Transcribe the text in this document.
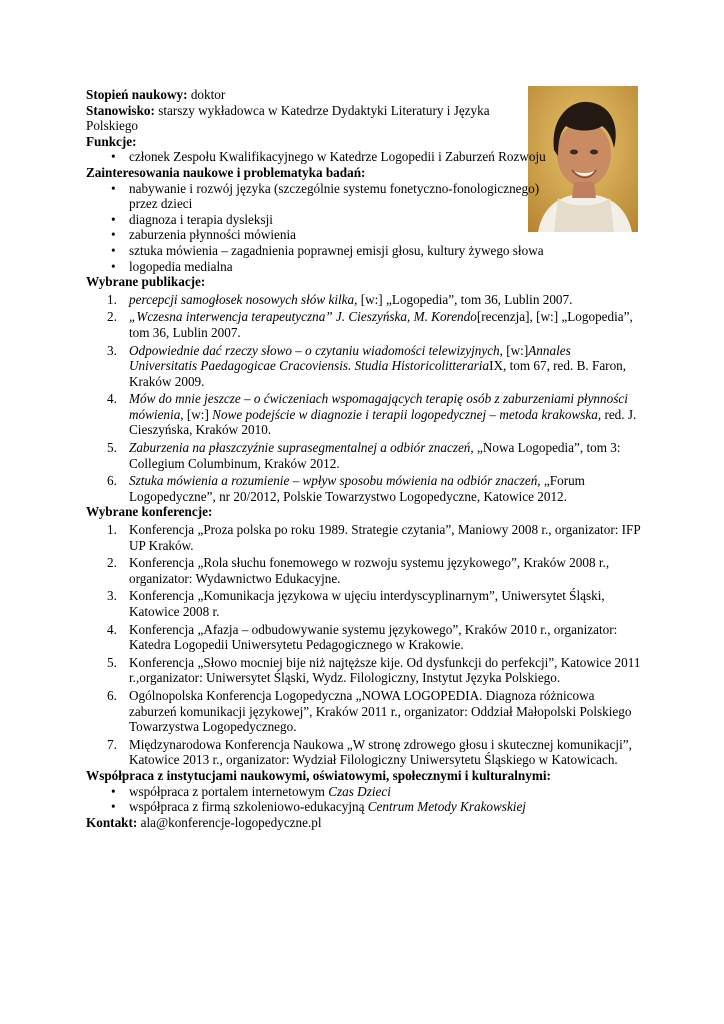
Stopień naukowy: doktor

Stanowisko: starszy wykładowca w Katedrze Dydaktyki Literatury i Języka Polskiego

Funkcje:

• członek Zespołu Kwalifikacyjnego w Katedrze Logopedii i Zaburzeń Rozwoju

Zainteresowania naukowe i problematyka badań:

• nabywanie i rozwój języka (szczególnie systemu fonetyczno-fonologicznego) przez dzieci
• diagnoza i terapia dysleksji
• zaburzenia płynności mówienia
• sztuka mówienia – zagadnienia poprawnej emisji głosu, kultury żywego słowa
• logopedia medialna

Wybrane publikacje:

1. percepcji samogłosek nosowych słów kilka, [w:] „Logopedia”, tom 36, Lublin 2007.
2. „Wczesna interwencja terapeutyczna” J. Cieszyńska, M. Korendo[recenzja], [w:] „Logopedia”, tom 36, Lublin 2007.
3. Odpowiednie dać rzeczy słowo – o czytaniu wiadomości telewizyjnych, [w:]Annales Universitatis Paedagogicae Cracoviensis. Studia HistoricolitterariaIX, tom 67, red. B. Faron, Kraków 2009.
4. Mów do mnie jeszcze – o ćwiczeniach wspomagających terapię osób z zaburzeniami płynności mówienia, [w:] Nowe podejście w diagnozie i terapii logopedycznej – metoda krakowska, red. J. Cieszyńska, Kraków 2010.
5. Zaburzenia na płaszczyźnie suprasegmentalnej a odbiór znaczeń, „Nowa Logopedia”, tom 3: Collegium Columbinum, Kraków 2012.
6. Sztuka mówienia a rozumienie – wpływ sposobu mówienia na odbiór znaczeń, „Forum Logopedyczne”, nr 20/2012, Polskie Towarzystwo Logopedyczne, Katowice 2012.

Wybrane konferencje:

1. Konferencja „Proza polska po roku 1989. Strategie czytania”, Maniowy 2008 r., organizator: IFP UP Kraków.
2. Konferencja „Rola słuchu fonemowego w rozwoju systemu językowego”, Kraków 2008 r., organizator: Wydawnictwo Edukacyjne.
3. Konferencja „Komunikacja językowa w ujęciu interdyscyplinarnym”, Uniwersytet Śląski, Katowice 2008 r.
4. Konferencja „Afazja – odbudowywanie systemu językowego”, Kraków 2010 r., organizator: Katedra Logopedii Uniwersytetu Pedagogicznego w Krakowie.
5. Konferencja „Słowo mocniej bije niż najtęższe kije. Od dysfunkcji do perfekcji”, Katowice 2011 r.,organizator: Uniwersytet Śląski, Wydz. Filologiczny, Instytut Języka Polskiego.
6. Ogólnopolska Konferencja Logopedyczna „NOWA LOGOPEDIA. Diagnoza różnicowa zaburzeń komunikacji językowej”, Kraków 2011 r., organizator: Oddział Małopolski Polskiego Towarzystwa Logopedycznego.
7. Międzynarodowa Konferencja Naukowa „W stronę zdrowego głosu i skutecznej komunikacji”, Katowice 2013 r., organizator: Wydział Filologiczny Uniwersytetu Śląskiego w Katowicach.

Współpraca z instytucjami naukowymi, oświatowymi, społecznymi i kulturalnymi:

• współpraca z portalem internetowym Czas Dzieci
• współpraca z firmą szkoleniowo-edukacyjną Centrum Metody Krakowskiej

Kontakt: ala@konferencje-logopedyczne.pl
